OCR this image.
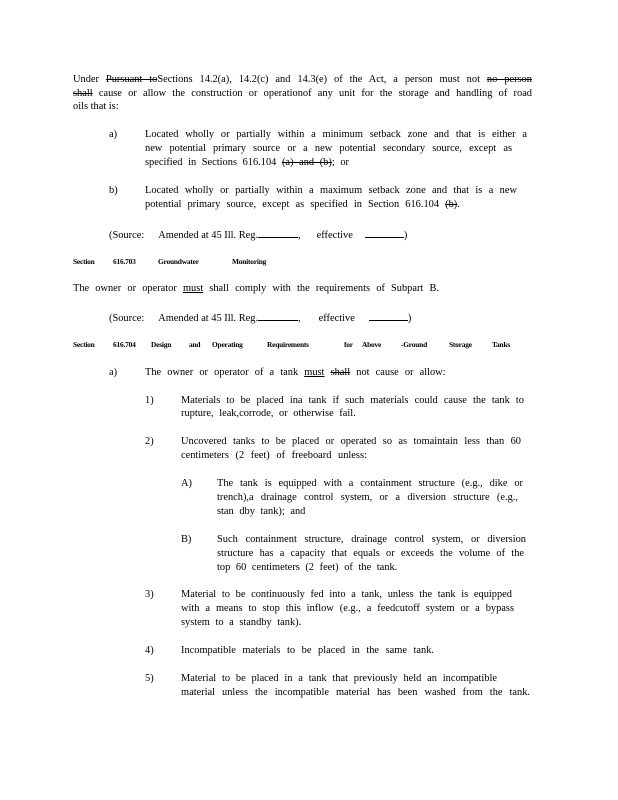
Under Pursuant toSections 14.2(a), 14.2(c) and 14.3(e) of the Act, a person must not no person
shall cause or allow the construction or operationof any unit for the storage and handling of road
oils that is:
a)	Located wholly or partially within a minimum setback zone and that is either a
new potential primary source or a new potential secondary source, except as
specified in Sections 616.104 (a) and (b); or
b)	Located wholly or partially within a maximum setback zone and that is a new
potential primary source, except as specified in Section 616.104 (b).
(Source: Amended at 45 Ill. Reg.	, effective	)
Section 616.703	Groundwater	Monitoring
The owner or operator must shall comply with the requirements of Subpart B.
(Source: Amended at 45 Ill. Reg.	, effective	)
Section 616.704 Design and Operating	Requirements	for Above	-Ground	Storage	Tanks
a)	The owner or operator of a tank must shall not cause or allow:
1)	Materials to be placed ina tank if such materials could cause the tank to
rupture, leak,corrode, or otherwise fail.
2)	Uncovered tanks to be placed or operated so as tomaintain less than 60
centimeters (2 feet) of freeboard unless:
A) The tank is equipped with a containment structure (e.g., dike or
trench),a drainage control system, or a diversion structure (e.g.,
stan dby tank); and
B) Such containment structure, drainage control system, or diversion
structure has a capacity that equals or exceeds the volume of the
top 60 centimeters (2 feet) of the tank.
3)	Material to be continuously fed into a tank, unless the tank is equipped
with a means to stop this inflow (e.g., a feedcutoff system or a bypass
system to a standby tank).
4)	Incompatible materials to be placed in the same tank.
5)	Material to be placed in a tank that previously held an incompatible
material unless the incompatible material has been washed from the tank.
